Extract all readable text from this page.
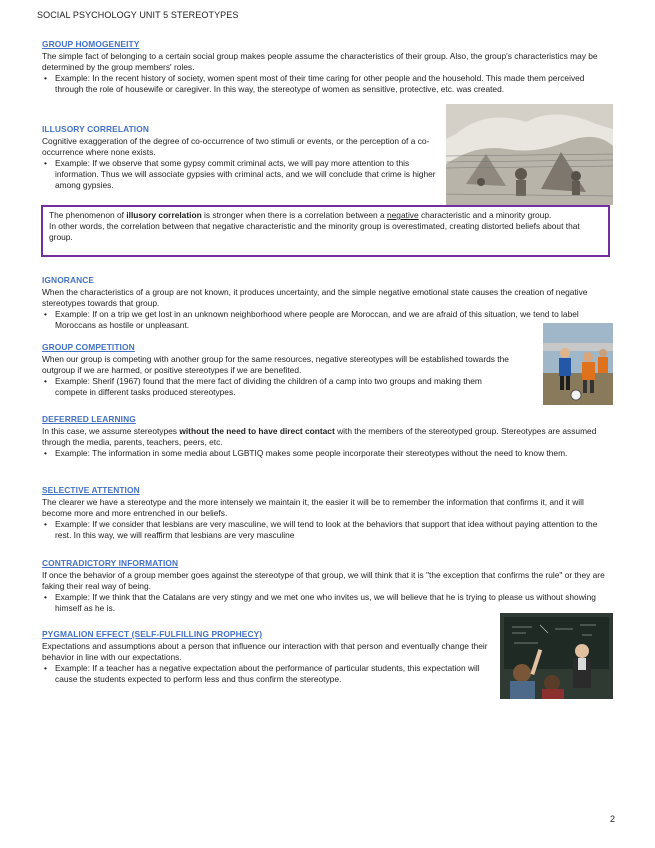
SOCIAL PSYCHOLOGY UNIT 5 STEREOTYPES
GROUP HOMOGENEITY

The simple fact of belonging to a certain social group makes people assume the characteristics of their group. Also, the group's characteristics may be determined by the group members' roles.

• Example: In the recent history of society, women spent most of their time caring for other people and the household. This made them perceived through the role of housewife or caregiver. In this way, the stereotype of women as sensitive, protective, etc. was created.
ILLUSORY CORRELATION

Cognitive exaggeration of the degree of co-occurrence of two stimuli or events, or the perception of a co-occurrence where none exists.

• Example: If we observe that some gypsy commit criminal acts, we will pay more attention to this information. Thus we will associate gypsies with criminal acts, and we will conclude that crime is higher among gypsies.

The phenomenon of illusory correlation is stronger when there is a correlation between a negative characteristic and a minority group.

In other words, the correlation between that negative characteristic and the minority group is overestimated, creating distorted beliefs about that group.

IGNORANCE

When the characteristics of a group are not known, it produces uncertainty, and the simple negative emotional state causes the creation of negative stereotypes towards that group.

• Example: If on a trip we get lost in an unknown neighborhood where people are Moroccan, and we are afraid of this situation, we tend to label Moroccans as hostile or unpleasant.
GROUP COMPETITION

When our group is competing with another group for the same resources, negative stereotypes will be established towards the outgroup if we are harmed, or positive stereotypes if we are benefited.

• Example: Sherif (1967) found that the mere fact of dividing the children of a camp into two groups and making them compete in different tasks produced stereotypes.
DEFERRED LEARNING

In this case, we assume stereotypes without the need to have direct contact with the members of the stereotyped group. Stereotypes are assumed through the media, parents, teachers, peers, etc.

• Example: The information in some media about LGBTIQ makes some people incorporate their stereotypes without the need to know them.
SELECTIVE ATTENTION

The clearer we have a stereotype and the more intensely we maintain it, the easier it will be to remember the information that confirms it, and it will become more and more entrenched in our beliefs.

• Example: If we consider that lesbians are very masculine, we will tend to look at the behaviors that support that idea without paying attention to the rest. In this way, we will reaffirm that lesbians are very masculine
CONTRADICTORY INFORMATION

If once the behavior of a group member goes against the stereotype of that group, we will think that it is "the exception that confirms the rule" or they are faking their real way of being.

• Example: If we think that the Catalans are very stingy and we met one who invites us, we will believe that he is trying to please us without showing himself as he is.
PYGMALION EFFECT (SELF-FULFILLING PROPHECY)

Expectations and assumptions about a person that influence our interaction with that person and eventually change their behavior in line with our expectations.

• Example: If a teacher has a negative expectation about the performance of particular students, this expectation will cause the students expected to perform less and thus confirm the stereotype.
2
